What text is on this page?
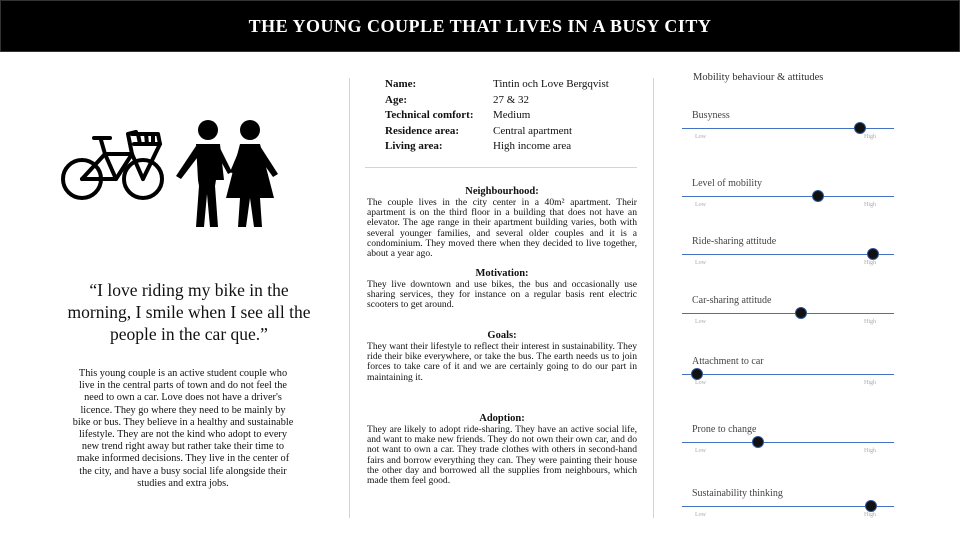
THE YOUNG COUPLE THAT LIVES IN A BUSY CITY
“I love riding my bike in the morning, I smile when I see all the people in the car que.”
This young couple is an active student couple who live in the central parts of town and do not feel the need to own a car. Love does not have a driver's licence. They go where they need to be mainly by bike or bus. They believe in a healthy and sustainable lifestyle. They are not the kind who adopt to every new trend right away but rather take their time to make informed decisions. They live in the center of the city, and have a busy social life alongside their studies and extra jobs.
Name:	Tintin och Love Bergqvist
Age:	27 & 32
Technical comfort:	Medium
Residence area:	Central apartment
Living area:	High income area
Neighbourhood:
The couple lives in the city center in a 40m² apartment. Their apartment is on the third floor in a building that does not have an elevator. The age range in their apartment building varies, both with several younger families, and several older couples and it is a condominium. They moved there when they decided to live together, about a year ago.
Motivation:
They live downtown and use bikes, the bus and occasionally use sharing services, they for instance on a regular basis rent electric scooters to get around.
Goals:
They want their lifestyle to reflect their interest in sustainability. They ride their bike everywhere, or take the bus. The earth needs us to join forces to take care of it and we are certainly going to do our part in maintaining it.
Adoption:
They are likely to adopt ride-sharing. They have an active social life, and want to make new friends. They do not own their own car, and do not want to own a car. They trade clothes with others in second-hand fairs and borrow everything they can. They were painting their house the other day and borrowed all the supplies from neighbours, which made them feel good.
Mobility behaviour & attitudes
Busyness
Low	High
Level of mobility
Low	High
Ride-sharing attitude
Low	High
Car-sharing attitude
Low	High
Attachment to car
Low	High
Prone to change
Low	High
Sustainability thinking
Low	High
